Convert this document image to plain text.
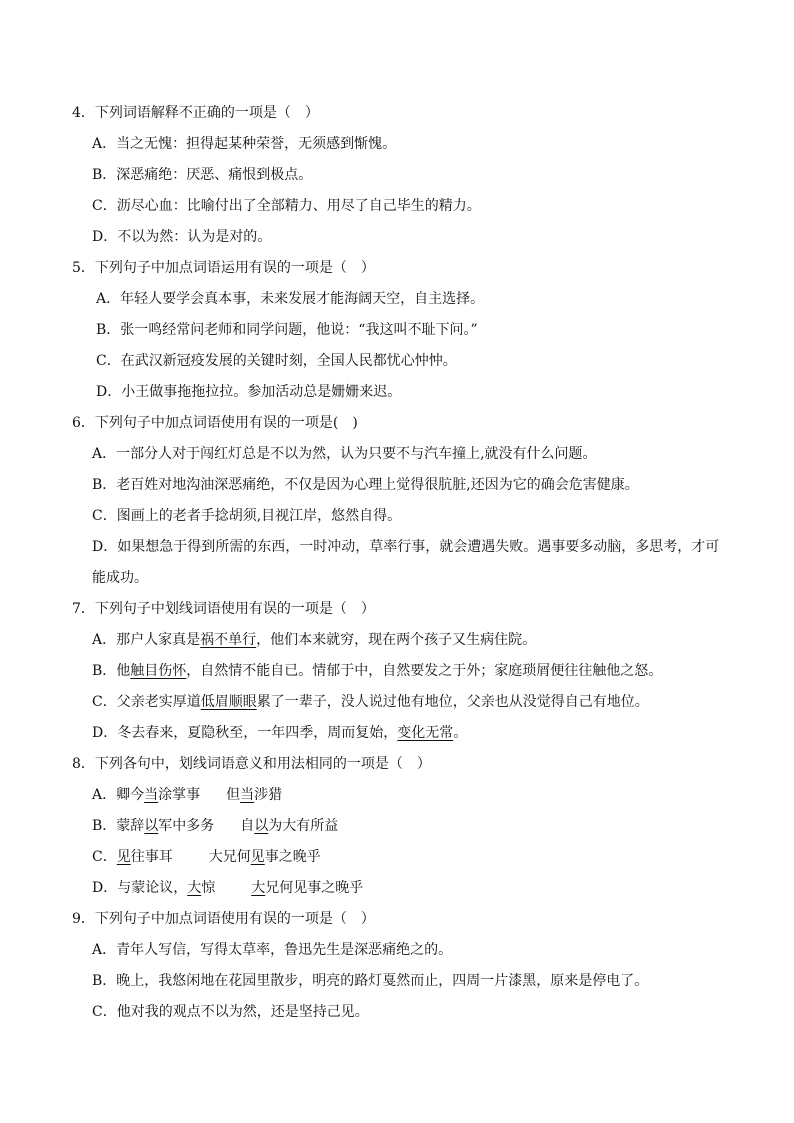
4．下列词语解释不正确的一项是（　）
A．当之无愧：担得起某种荣誉，无须感到惭愧。
B．深恶痛绝：厌恶、痛恨到极点。
C．沥尽心血：比喻付出了全部精力、用尽了自己毕生的精力。
D．不以为然：认为是对的。
5．下列句子中加点词语运用有误的一项是（　）
A．年轻人要学会真本事，未来发展才能海阔天空，自主选择。
B．张一鸣经常问老师和同学问题，他说：“我这叫不耻下问。”
C．在武汉新冠疫发展的关键时刻，全国人民都忧心忡忡。
D．小王做事拖拖拉拉。参加活动总是姗姗来迟。
6．下列句子中加点词语使用有误的一项是(　)
A．一部分人对于闯红灯总是不以为然，认为只要不与汽车撞上,就没有什么问题。
B．老百姓对地沟油深恶痛绝，不仅是因为心理上觉得很肮脏,还因为它的确会危害健康。
C．图画上的老者手捻胡须,目视江岸，悠然自得。
D．如果想急于得到所需的东西，一时冲动，草率行事，就会遭遇失败。遇事要多动脑，多思考，才可
能成功。
7．下列句子中划线词语使用有误的一项是（　）
A．那户人家真是祸不单行，他们本来就穷，现在两个孩子又生病住院。
B．他触目伤怀，自然情不能自已。情郁于中，自然要发之于外；家庭琐屑便往往触他之怒。
C．父亲老实厚道低眉顺眼累了一辈子，没人说过他有地位，父亲也从没觉得自己有地位。
D．冬去春来，夏隐秋至，一年四季，周而复始，变化无常。
8．下列各句中，划线词语意义和用法相同的一项是（　）
A．卿今当涂掌事 但当涉猎
B．蒙辞以军中多务 自以为大有所益
C．见往事耳	大兄何见事之晚乎
D．与蒙论议，大惊	大兄何见事之晚乎
9．下列句子中加点词语使用有误的一项是（　）
A．青年人写信，写得太草率，鲁迅先生是深恶痛绝之的。
B．晚上，我悠闲地在花园里散步，明亮的路灯戛然而止，四周一片漆黑，原来是停电了。
C．他对我的观点不以为然，还是坚持己见。
